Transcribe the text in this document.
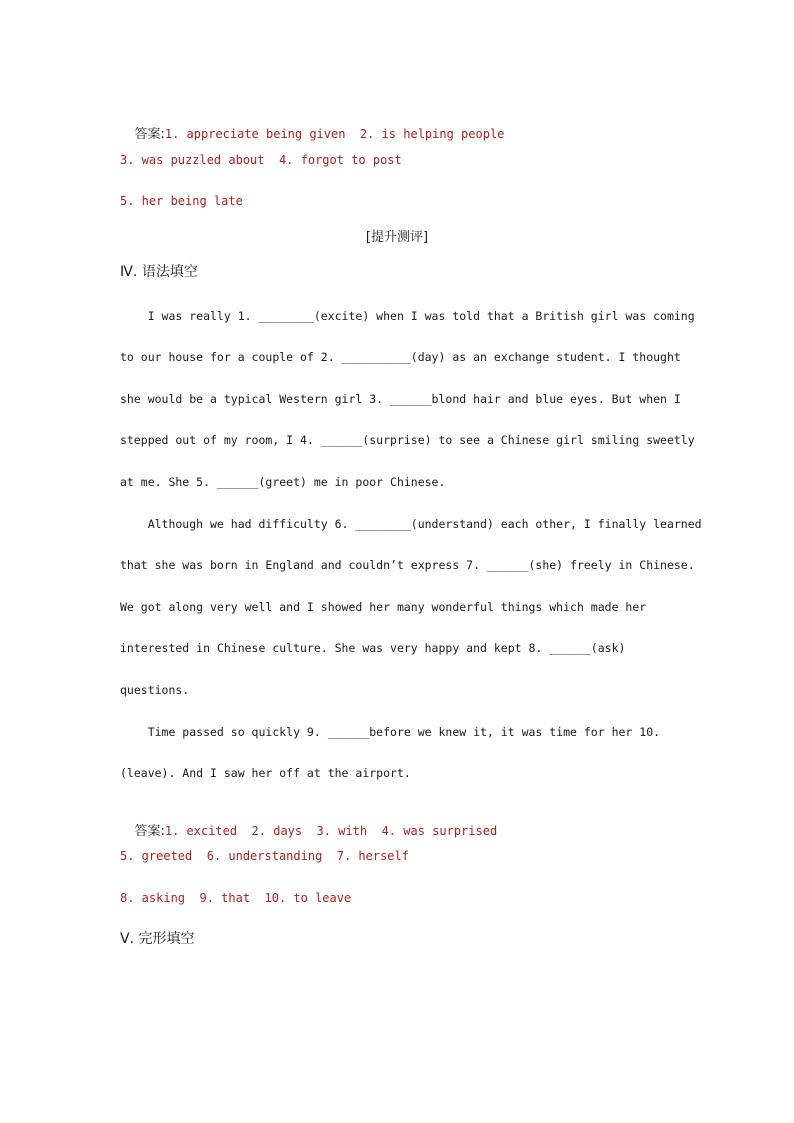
答案:1. appreciate being given  2. is helping people

3. was puzzled about  4. forgot to post
5. her being late
[提升测评]
Ⅳ. 语法填空
I was really 1. ________(excite) when I was told that a British girl was coming
to our house for a couple of 2. __________(day) as an exchange student. I thought
she would be a typical Western girl 3. ______blond hair and blue eyes. But when I
stepped out of my room, I 4. ______(surprise) to see a Chinese girl smiling sweetly
at me. She 5. ______(greet) me in poor Chinese.
Although we had difficulty 6. ________(understand) each other, I finally learned
that she was born in England and couldn’t express 7. ______(she) freely in Chinese.
We got along very well and I showed her many wonderful things which made her
interested in Chinese culture. She was very happy and kept 8. ______(ask)
questions.
Time passed so quickly 9. ______before we knew it, it was time for her 10.
(leave). And I saw her off at the airport.

答案:1. excited  2. days  3. with  4. was surprised

5. greeted  6. understanding  7. herself
8. asking  9. that  10. to leave
Ⅴ. 完形填空
